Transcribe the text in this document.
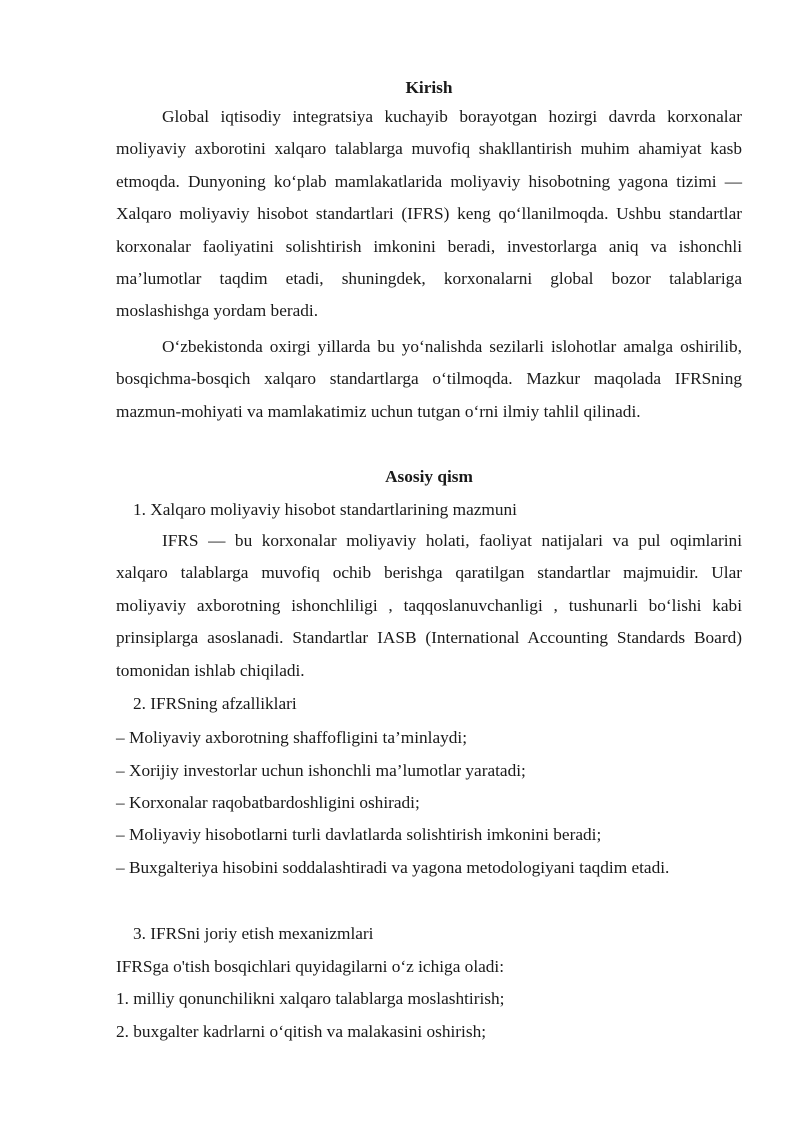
Kirish

Global iqtisodiy integratsiya kuchayib borayotgan hozirgi davrda korxonalar moliyaviy axborotini xalqaro talablarga muvofiq shakllantirish muhim ahamiyat kasb etmoqda. Dunyoning ko‘plab mamlakatlarida moliyaviy hisobotning yagona tizimi — Xalqaro moliyaviy hisobot standartlari (IFRS) keng qo‘llanilmoqda. Ushbu standartlar korxonalar faoliyatini solishtirish imkonini beradi, investorlarga aniq va ishonchli ma’lumotlar taqdim etadi, shuningdek, korxonalarni global bozor talablariga moslashishga yordam beradi.

O‘zbekistonda oxirgi yillarda bu yo‘nalishda sezilarli islohotlar amalga oshirilib, bosqichma-bosqich xalqaro standartlarga o‘tilmoqda. Mazkur maqolada IFRSning mazmun-mohiyati va mamlakatimiz uchun tutgan o‘rni ilmiy tahlil qilinadi.

Asosiy qism
1. Xalqaro moliyaviy hisobot standartlarining mazmuni

IFRS — bu korxonalar moliyaviy holati, faoliyat natijalari va pul oqimlarini xalqaro talablarga muvofiq ochib berishga qaratilgan standartlar majmuidir. Ular moliyaviy axborotning ishonchliligi , taqqoslanuvchanligi , tushunarli bo‘lishi kabi prinsiplarga asoslanadi. Standartlar IASB (International Accounting Standards Board) tomonidan ishlab chiqiladi.

2. IFRSning afzalliklari
– Moliyaviy axborotning shaffofligini ta’minlaydi;
– Xorijiy investorlar uchun ishonchli ma’lumotlar yaratadi;
– Korxonalar raqobatbardoshligini oshiradi;
– Moliyaviy hisobotlarni turli davlatlarda solishtirish imkonini beradi;
– Buxgalteriya hisobini soddalashtiradi va yagona metodologiyani taqdim etadi.
3. IFRSni joriy etish mexanizmlari
IFRSga o'tish bosqichlari quyidagilarni o‘z ichiga oladi:
1. milliy qonunchilikni xalqaro talablarga moslashtirish;
2. buxgalter kadrlarni o‘qitish va malakasini oshirish;
